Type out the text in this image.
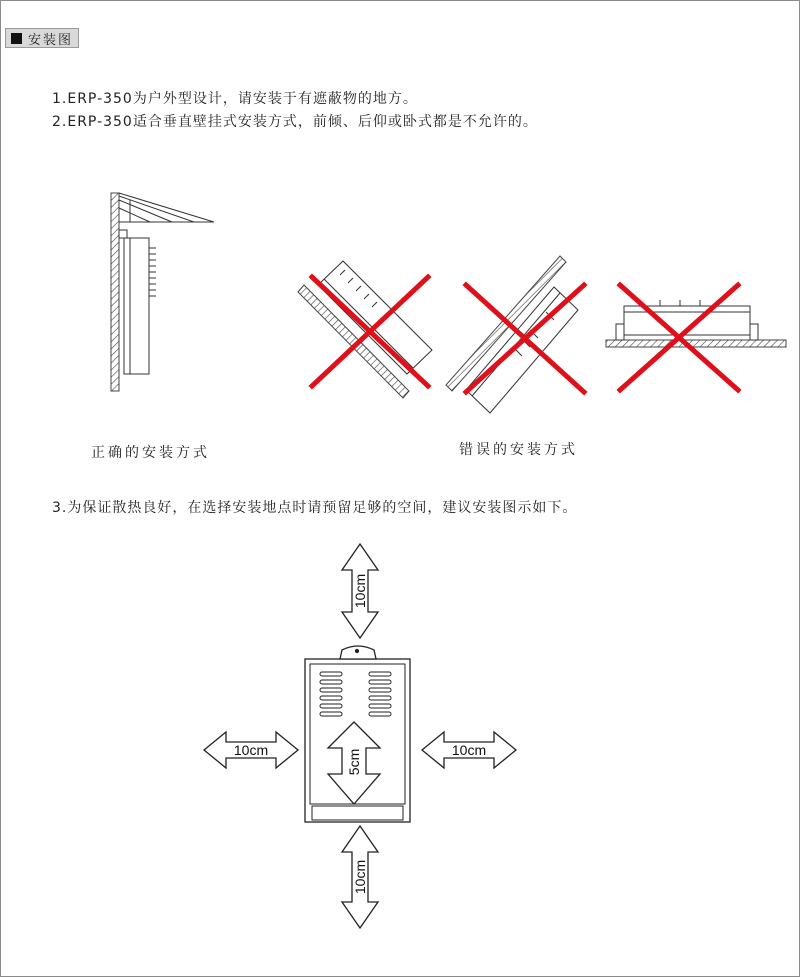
安装图
1.ERP-350为户外型设计，请安装于有遮蔽物的地方。
2.ERP-350适合垂直壁挂式安装方式，前倾、后仰或卧式都是不允许的。
10cm
10cm
10cm	10cm
5cm
正确的安装方式	错误的安装方式
3.为保证散热良好，在选择安装地点时请预留足够的空间，建议安装图示如下。
